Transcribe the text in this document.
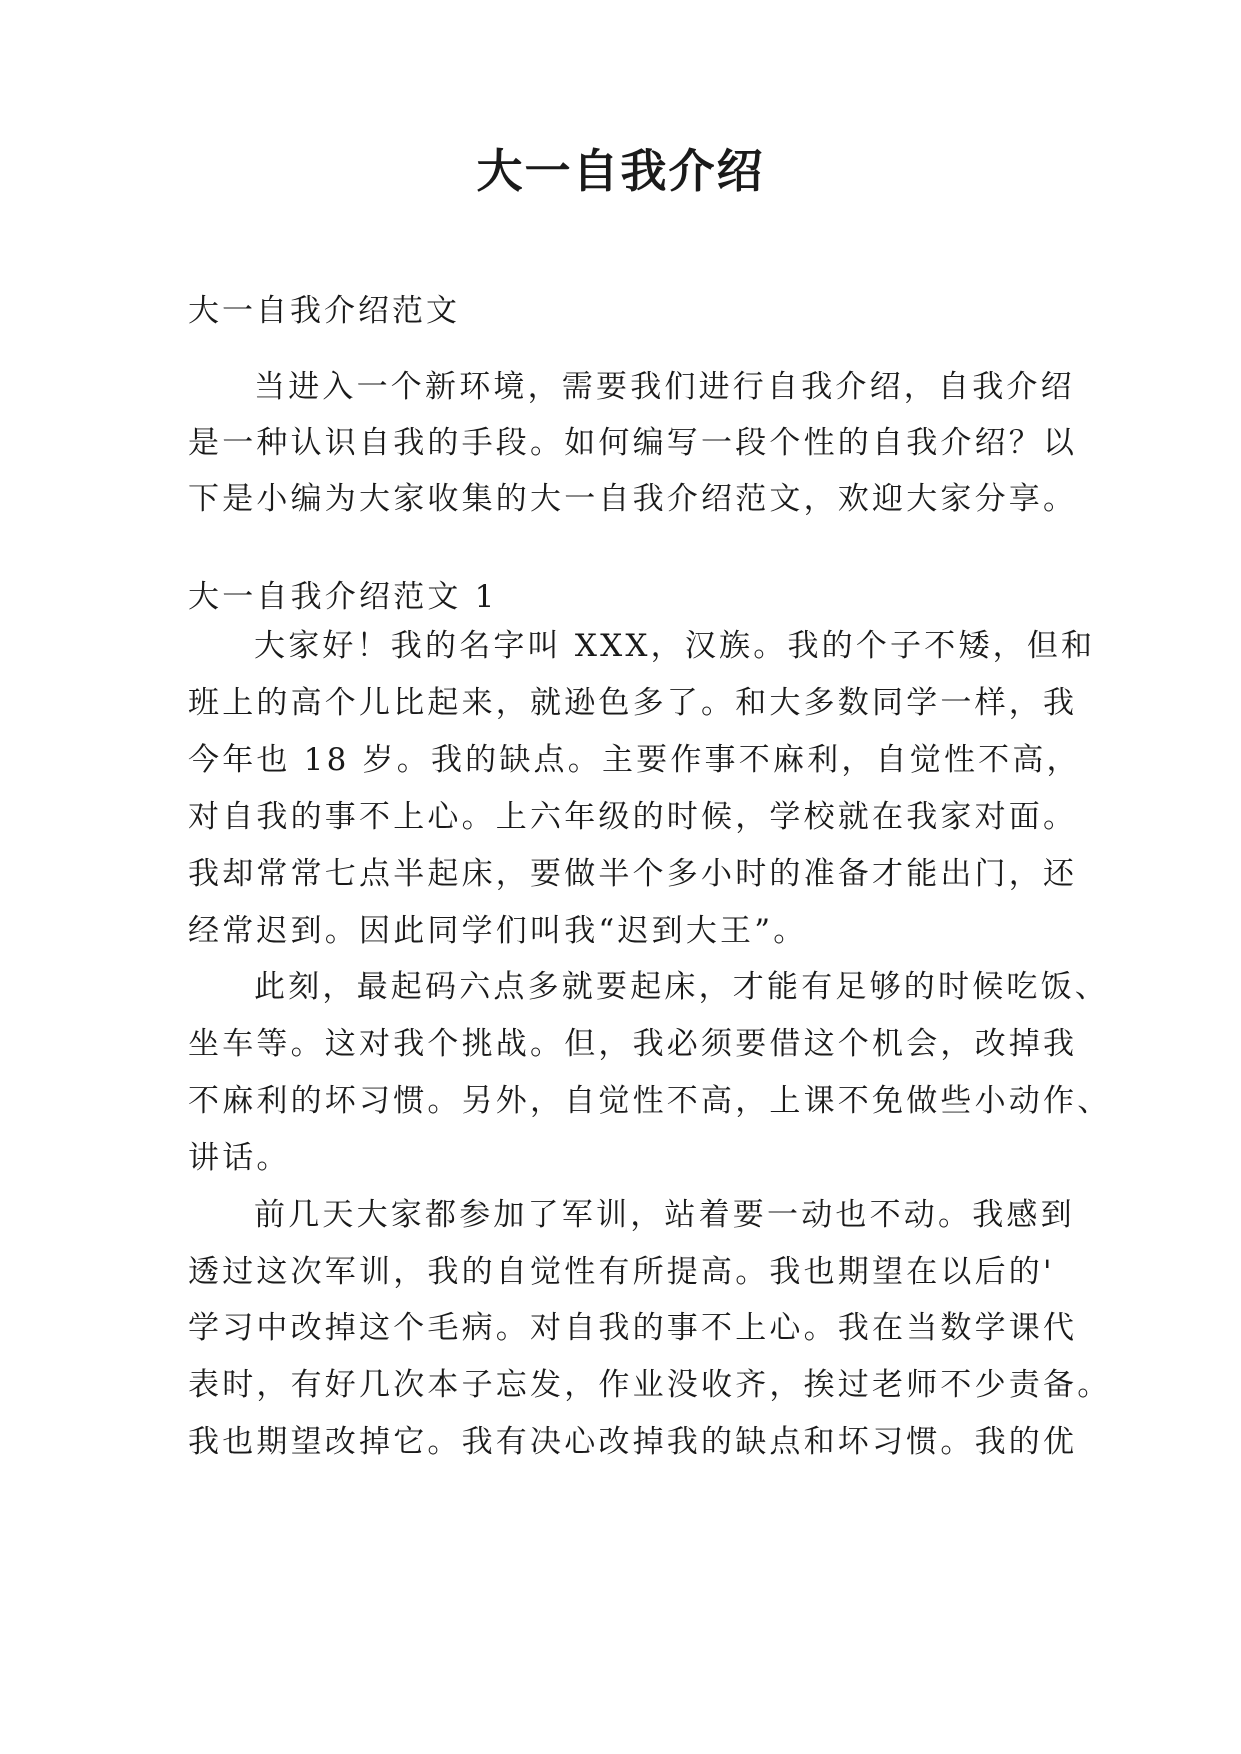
大一自我介绍
大一自我介绍范文
当进入一个新环境，需要我们进行自我介绍，自我介绍
是一种认识自我的手段。如何编写一段个性的自我介绍？以
下是小编为大家收集的大一自我介绍范文，欢迎大家分享。
大一自我介绍范文 1
大家好！我的名字叫 XXX，汉族。我的个子不矮，但和
班上的高个儿比起来，就逊色多了。和大多数同学一样，我
今年也 18 岁。我的缺点。主要作事不麻利，自觉性不高，
对自我的事不上心。上六年级的时候，学校就在我家对面。
我却常常七点半起床，要做半个多小时的准备才能出门，还
经常迟到。因此同学们叫我“迟到大王”。
此刻，最起码六点多就要起床，才能有足够的时候吃饭、
坐车等。这对我个挑战。但，我必须要借这个机会，改掉我
不麻利的坏习惯。另外，自觉性不高，上课不免做些小动作、
讲话。
前几天大家都参加了军训，站着要一动也不动。我感到
透过这次军训，我的自觉性有所提高。我也期望在以后的'
学习中改掉这个毛病。对自我的事不上心。我在当数学课代
表时，有好几次本子忘发，作业没收齐，挨过老师不少责备。
我也期望改掉它。我有决心改掉我的缺点和坏习惯。我的优
